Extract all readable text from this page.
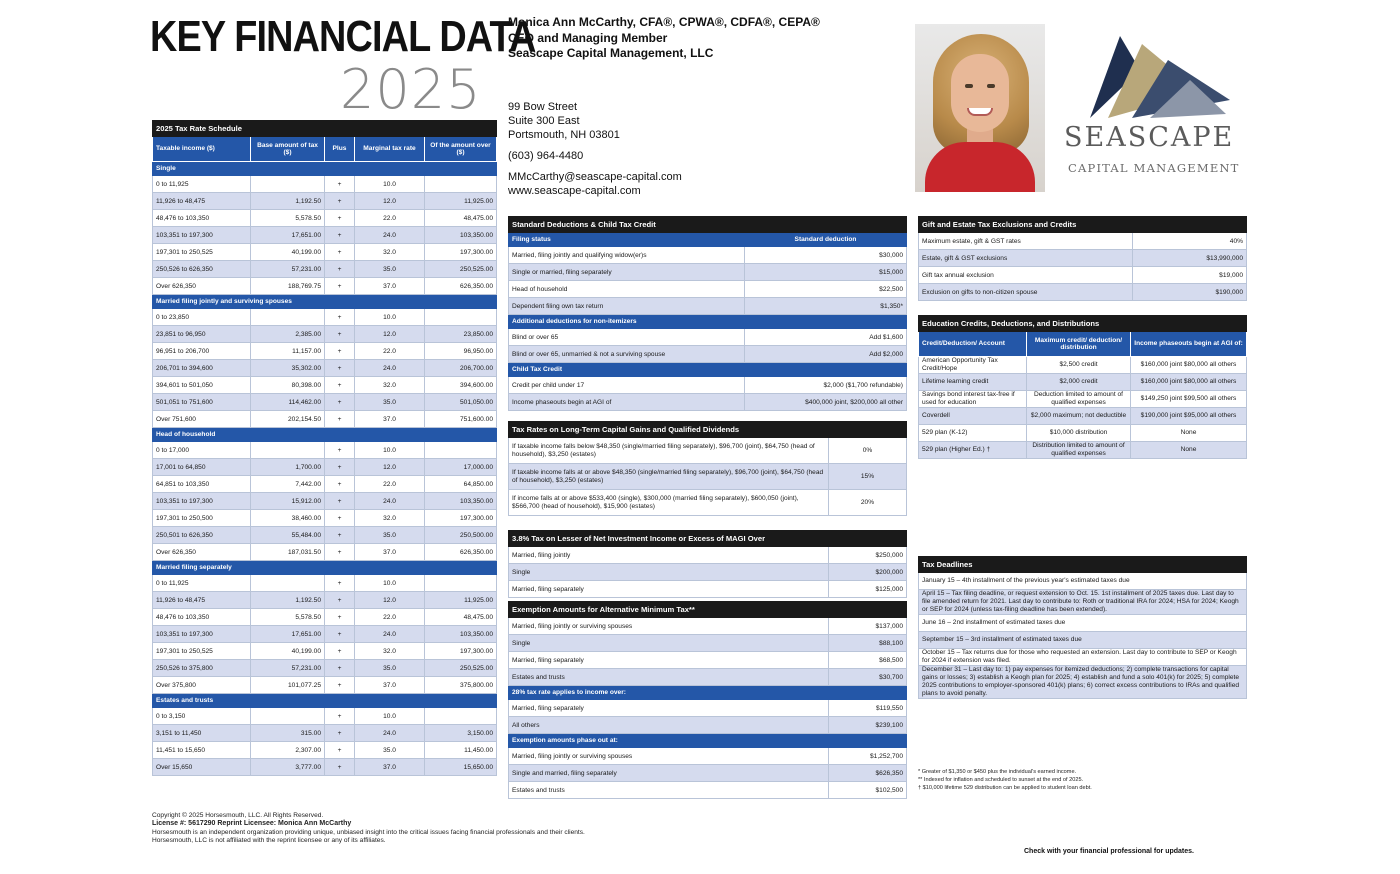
KEY FINANCIAL DATA
2025
Monica Ann McCarthy, CFA®, CPWA®, CDFA®, CEPA®
CEO and Managing Member
Seascape Capital Management, LLC
99 Bow Street
Suite 300 East
Portsmouth, NH 03801
(603) 964-4480
MMcCarthy@seascape-capital.com
www.seascape-capital.com
SEASCAPE
CAPITAL MANAGEMENT
2025 Tax Rate Schedule				
Taxable income ($)	Base amount of tax ($)	Plus	Marginal tax rate	Of the amount over ($)
Single				
0 to 11,925		+	10.0	
11,926 to 48,475	1,192.50	+	12.0	11,925.00
48,476 to 103,350	5,578.50	+	22.0	48,475.00
103,351 to 197,300	17,651.00	+	24.0	103,350.00
197,301 to 250,525	40,199.00	+	32.0	197,300.00
250,526 to 626,350	57,231.00	+	35.0	250,525.00
Over 626,350	188,769.75	+	37.0	626,350.00
Married filing jointly and surviving spouses				
0 to 23,850		+	10.0	
23,851 to 96,950	2,385.00	+	12.0	23,850.00
96,951 to 206,700	11,157.00	+	22.0	96,950.00
206,701 to 394,600	35,302.00	+	24.0	206,700.00
394,601 to 501,050	80,398.00	+	32.0	394,600.00
501,051 to 751,600	114,462.00	+	35.0	501,050.00
Over 751,600	202,154.50	+	37.0	751,600.00
Head of household				
0 to 17,000		+	10.0	
17,001 to 64,850	1,700.00	+	12.0	17,000.00
64,851 to 103,350	7,442.00	+	22.0	64,850.00
103,351 to 197,300	15,912.00	+	24.0	103,350.00
197,301 to 250,500	38,460.00	+	32.0	197,300.00
250,501 to 626,350	55,484.00	+	35.0	250,500.00
Over 626,350	187,031.50	+	37.0	626,350.00
Married filing separately				
0 to 11,925		+	10.0	
11,926 to 48,475	1,192.50	+	12.0	11,925.00
48,476 to 103,350	5,578.50	+	22.0	48,475.00
103,351 to 197,300	17,651.00	+	24.0	103,350.00
197,301 to 250,525	40,199.00	+	32.0	197,300.00
250,526 to 375,800	57,231.00	+	35.0	250,525.00
Over 375,800	101,077.25	+	37.0	375,800.00
Estates and trusts				
0 to 3,150		+	10.0	
3,151 to 11,450	315.00	+	24.0	3,150.00
11,451 to 15,650	2,307.00	+	35.0	11,450.00
Over 15,650	3,777.00	+	37.0	15,650.00
Standard Deductions & Child Tax Credit	
Filing status	Standard deduction
Married, filing jointly and qualifying widow(er)s	$30,000
Single or married, filing separately	$15,000
Head of household	$22,500
Dependent filing own tax return	$1,350*
Additional deductions for non-itemizers	
Blind or over 65	Add $1,600
Blind or over 65, unmarried & not a surviving spouse	Add $2,000
Child Tax Credit	
Credit per child under 17	$2,000 ($1,700 refundable)
Income phaseouts begin at AGI of	$400,000 joint, $200,000 all other
Tax Rates on Long-Term Capital Gains and Qualified Dividends	
If taxable income falls below $48,350 (single/married filing separately), $96,700 (joint), $64,750 (head of household), $3,250 (estates)	0%
If taxable income falls at or above $48,350 (single/married filing separately), $96,700 (joint), $64,750 (head of household), $3,250 (estates)	15%
If income falls at or above $533,400 (single), $300,000 (married filing separately), $600,050 (joint), $566,700 (head of household), $15,900 (estates)	20%
3.8% Tax on Lesser of Net Investment Income or Excess of MAGI Over	
Married, filing jointly	$250,000
Single	$200,000
Married, filing separately	$125,000
Exemption Amounts for Alternative Minimum Tax**	
Married, filing jointly or surviving spouses	$137,000
Single	$88,100
Married, filing separately	$68,500
Estates and trusts	$30,700
28% tax rate applies to income over:	
Married, filing separately	$119,550
All others	$239,100
Exemption amounts phase out at:	
Married, filing jointly or surviving spouses	$1,252,700
Single and married, filing separately	$626,350
Estates and trusts	$102,500
Gift and Estate Tax Exclusions and Credits	
Maximum estate, gift & GST rates	40%
Estate, gift & GST exclusions	$13,990,000
Gift tax annual exclusion	$19,000
Exclusion on gifts to non-citizen spouse	$190,000
Education Credits, Deductions, and Distributions		
Credit/Deduction/ Account	Maximum credit/ deduction/ distribution	Income phaseouts begin at AGI of:
American Opportunity Tax Credit/Hope	$2,500 credit	$160,000 joint $80,000 all others
Lifetime learning credit	$2,000 credit	$160,000 joint $80,000 all others
Savings bond interest tax-free if used for education	Deduction limited to amount of qualified expenses	$149,250 joint $99,500 all others
Coverdell	$2,000 maximum; not deductible	$190,000 joint $95,000 all others
529 plan (K-12)	$10,000 distribution	None
529 plan (Higher Ed.) †	Distribution limited to amount of qualified expenses	None
Tax Deadlines
January 15 – 4th installment of the previous year's estimated taxes due
April 15 – Tax filing deadline, or request extension to Oct. 15. 1st installment of 2025 taxes due. Last day to file amended return for 2021. Last day to contribute to: Roth or traditional IRA for 2024; HSA for 2024; Keogh or SEP for 2024 (unless tax-filing deadline has been extended).
June 16 – 2nd installment of estimated taxes due
September 15 – 3rd installment of estimated taxes due
October 15 – Tax returns due for those who requested an extension. Last day to contribute to SEP or Keogh for 2024 if extension was filed.
December 31 – Last day to: 1) pay expenses for itemized deductions; 2) complete transactions for capital gains or losses; 3) establish a Keogh plan for 2025; 4) establish and fund a solo 401(k) for 2025; 5) complete 2025 contributions to employer-sponsored 401(k) plans; 6) correct excess contributions to IRAs and qualified plans to avoid penalty.
* Greater of $1,350 or $450 plus the individual's earned income.
** Indexed for inflation and scheduled to sunset at the end of 2025.
† $10,000 lifetime 529 distribution can be applied to student loan debt.
Copyright © 2025 Horsesmouth, LLC. All Rights Reserved.
License #: 5617290 Reprint Licensee: Monica Ann McCarthy
Horsesmouth is an independent organization providing unique, unbiased insight into the critical issues facing financial professionals and their clients.
Horsesmouth, LLC is not affiliated with the reprint licensee or any of its affiliates.
Check with your financial professional for updates.
